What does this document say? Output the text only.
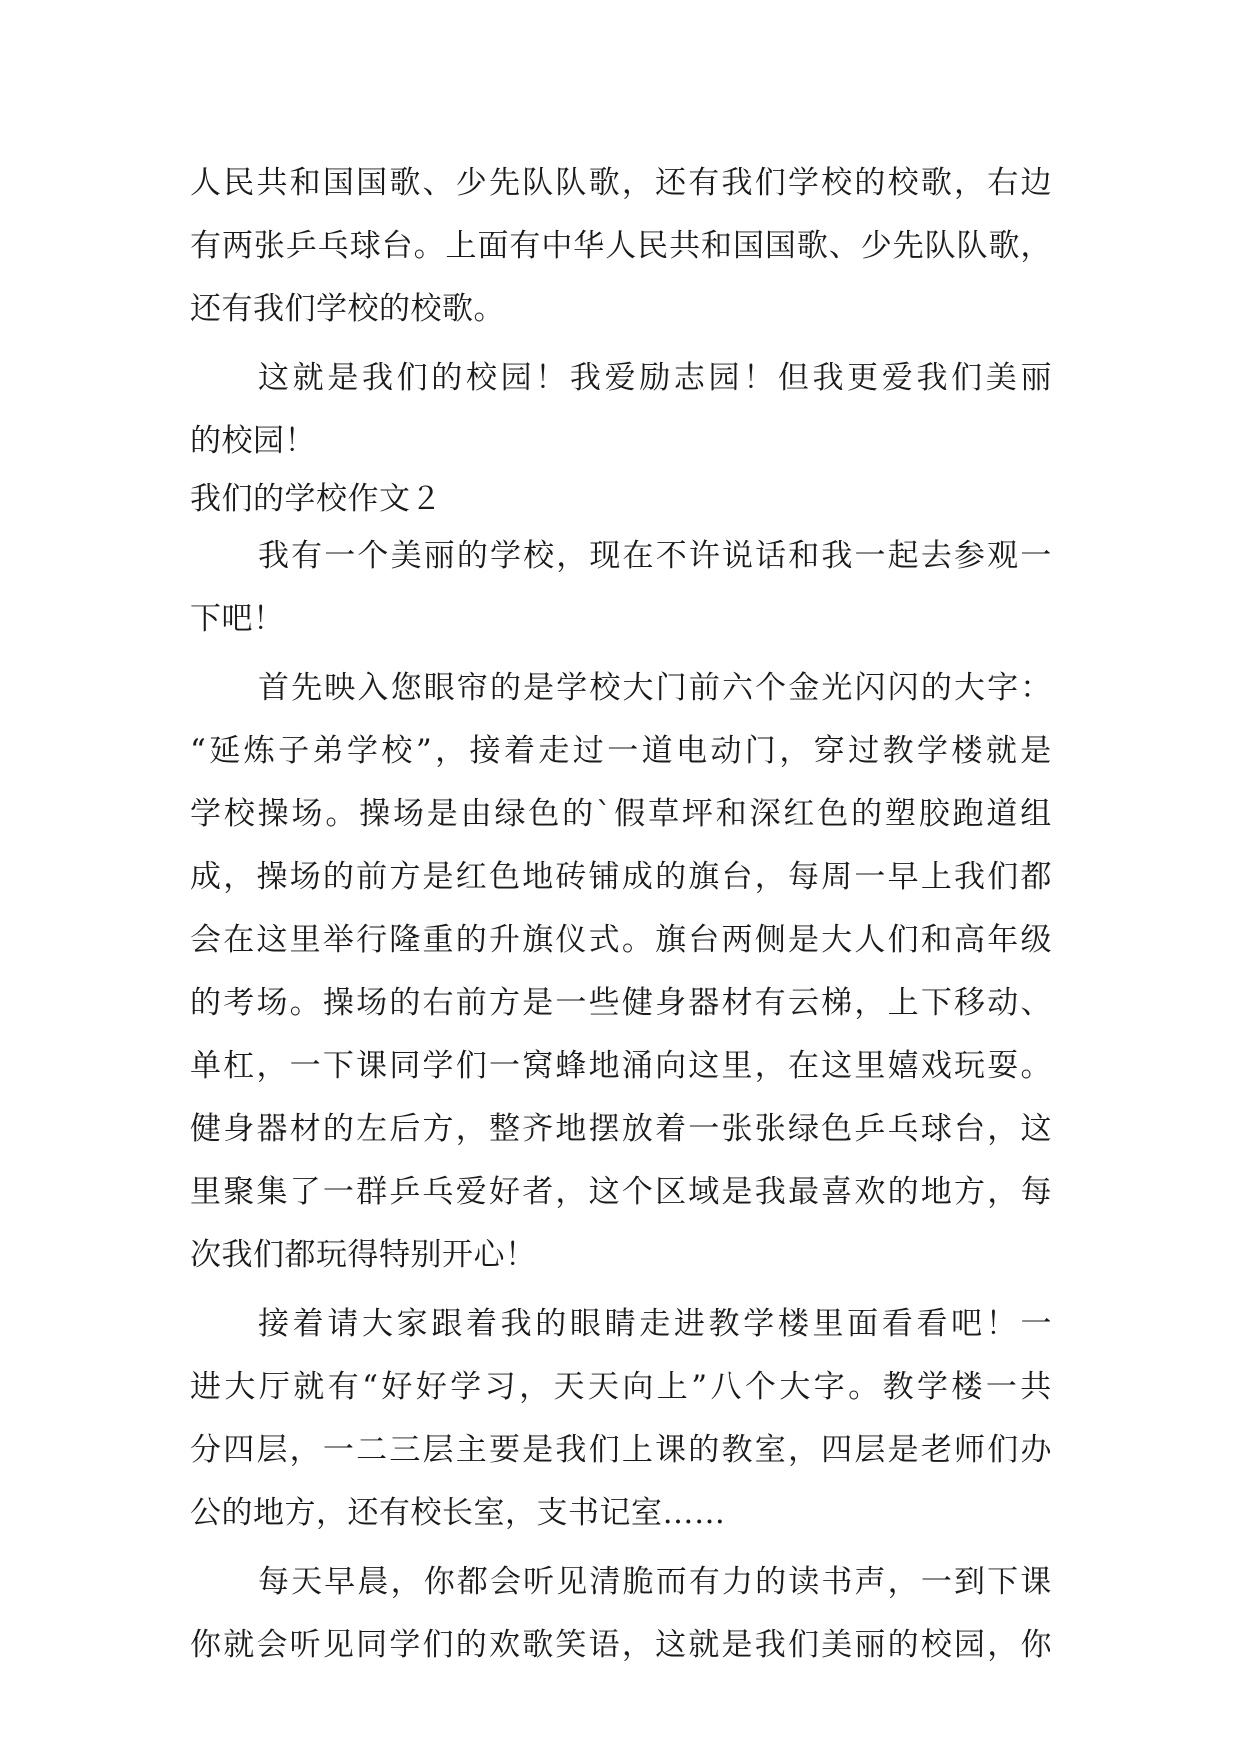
人 民 共 和 国 国 歌 、 少 先 队 队 歌 ， 还 有 我 们 学 校 的 校 歌 ， 右 边
有 两 张 乒 乓 球 台 。 上 面 有 中 华 人 民 共 和 国 国 歌 、 少 先 队 队 歌 ，
还有我们学校的校歌。
这 就 是 我 们 的 校 园 ！ 我 爱 励 志 园 ！ 但 我 更 爱 我 们 美 丽
的校园！
我们的学校作文２
我 有 一 个 美 丽 的 学 校 ， 现 在 不 许 说 话 和 我 一 起 去 参 观 一
下吧！
首 先 映 入 您 眼 帘 的 是 学 校 大 门 前 六 个 金 光 闪 闪 的 大 字 ：
“ 延 炼 子 弟 学 校 ” ， 接 着 走 过 一 道 电 动 门 ， 穿 过 教 学 楼 就 是
学 校 操 场 。 操 场 是 由 绿 色 的 ` 假 草 坪 和 深 红 色 的 塑 胶 跑 道 组
成 ， 操 场 的 前 方 是 红 色 地 砖 铺 成 的 旗 台 ， 每 周 一 早 上 我 们 都
会 在 这 里 举 行 隆 重 的 升 旗 仪 式 。 旗 台 两 侧 是 大 人 们 和 高 年 级
的 考 场 。 操 场 的 右 前 方 是 一 些 健 身 器 材 有 云 梯 ， 上 下 移 动 、
单 杠 ， 一 下 课 同 学 们 一 窝 蜂 地 涌 向 这 里 ， 在 这 里 嬉 戏 玩 耍 。
健 身 器 材 的 左 后 方 ， 整 齐 地 摆 放 着 一 张 张 绿 色 乒 乓 球 台 ， 这
里 聚 集 了 一 群 乒 乓 爱 好 者 ， 这 个 区 域 是 我 最 喜 欢 的 地 方 ， 每
次我们都玩得特别开心！
接 着 请 大 家 跟 着 我 的 眼 睛 走 进 教 学 楼 里 面 看 看 吧 ！ 一
进 大 厅 就 有 “ 好 好 学 习 ， 天 天 向 上 ” 八 个 大 字 。 教 学 楼 一 共
分 四 层 ， 一 二 三 层 主 要 是 我 们 上 课 的 教 室 ， 四 层 是 老 师 们 办
公的地方，还有校长室，支书记室……
每 天 早 晨 ， 你 都 会 听 见 清 脆 而 有 力 的 读 书 声 ， 一 到 下 课
你 就 会 听 见 同 学 们 的 欢 歌 笑 语 ， 这 就 是 我 们 美 丽 的 校 园 ， 你
